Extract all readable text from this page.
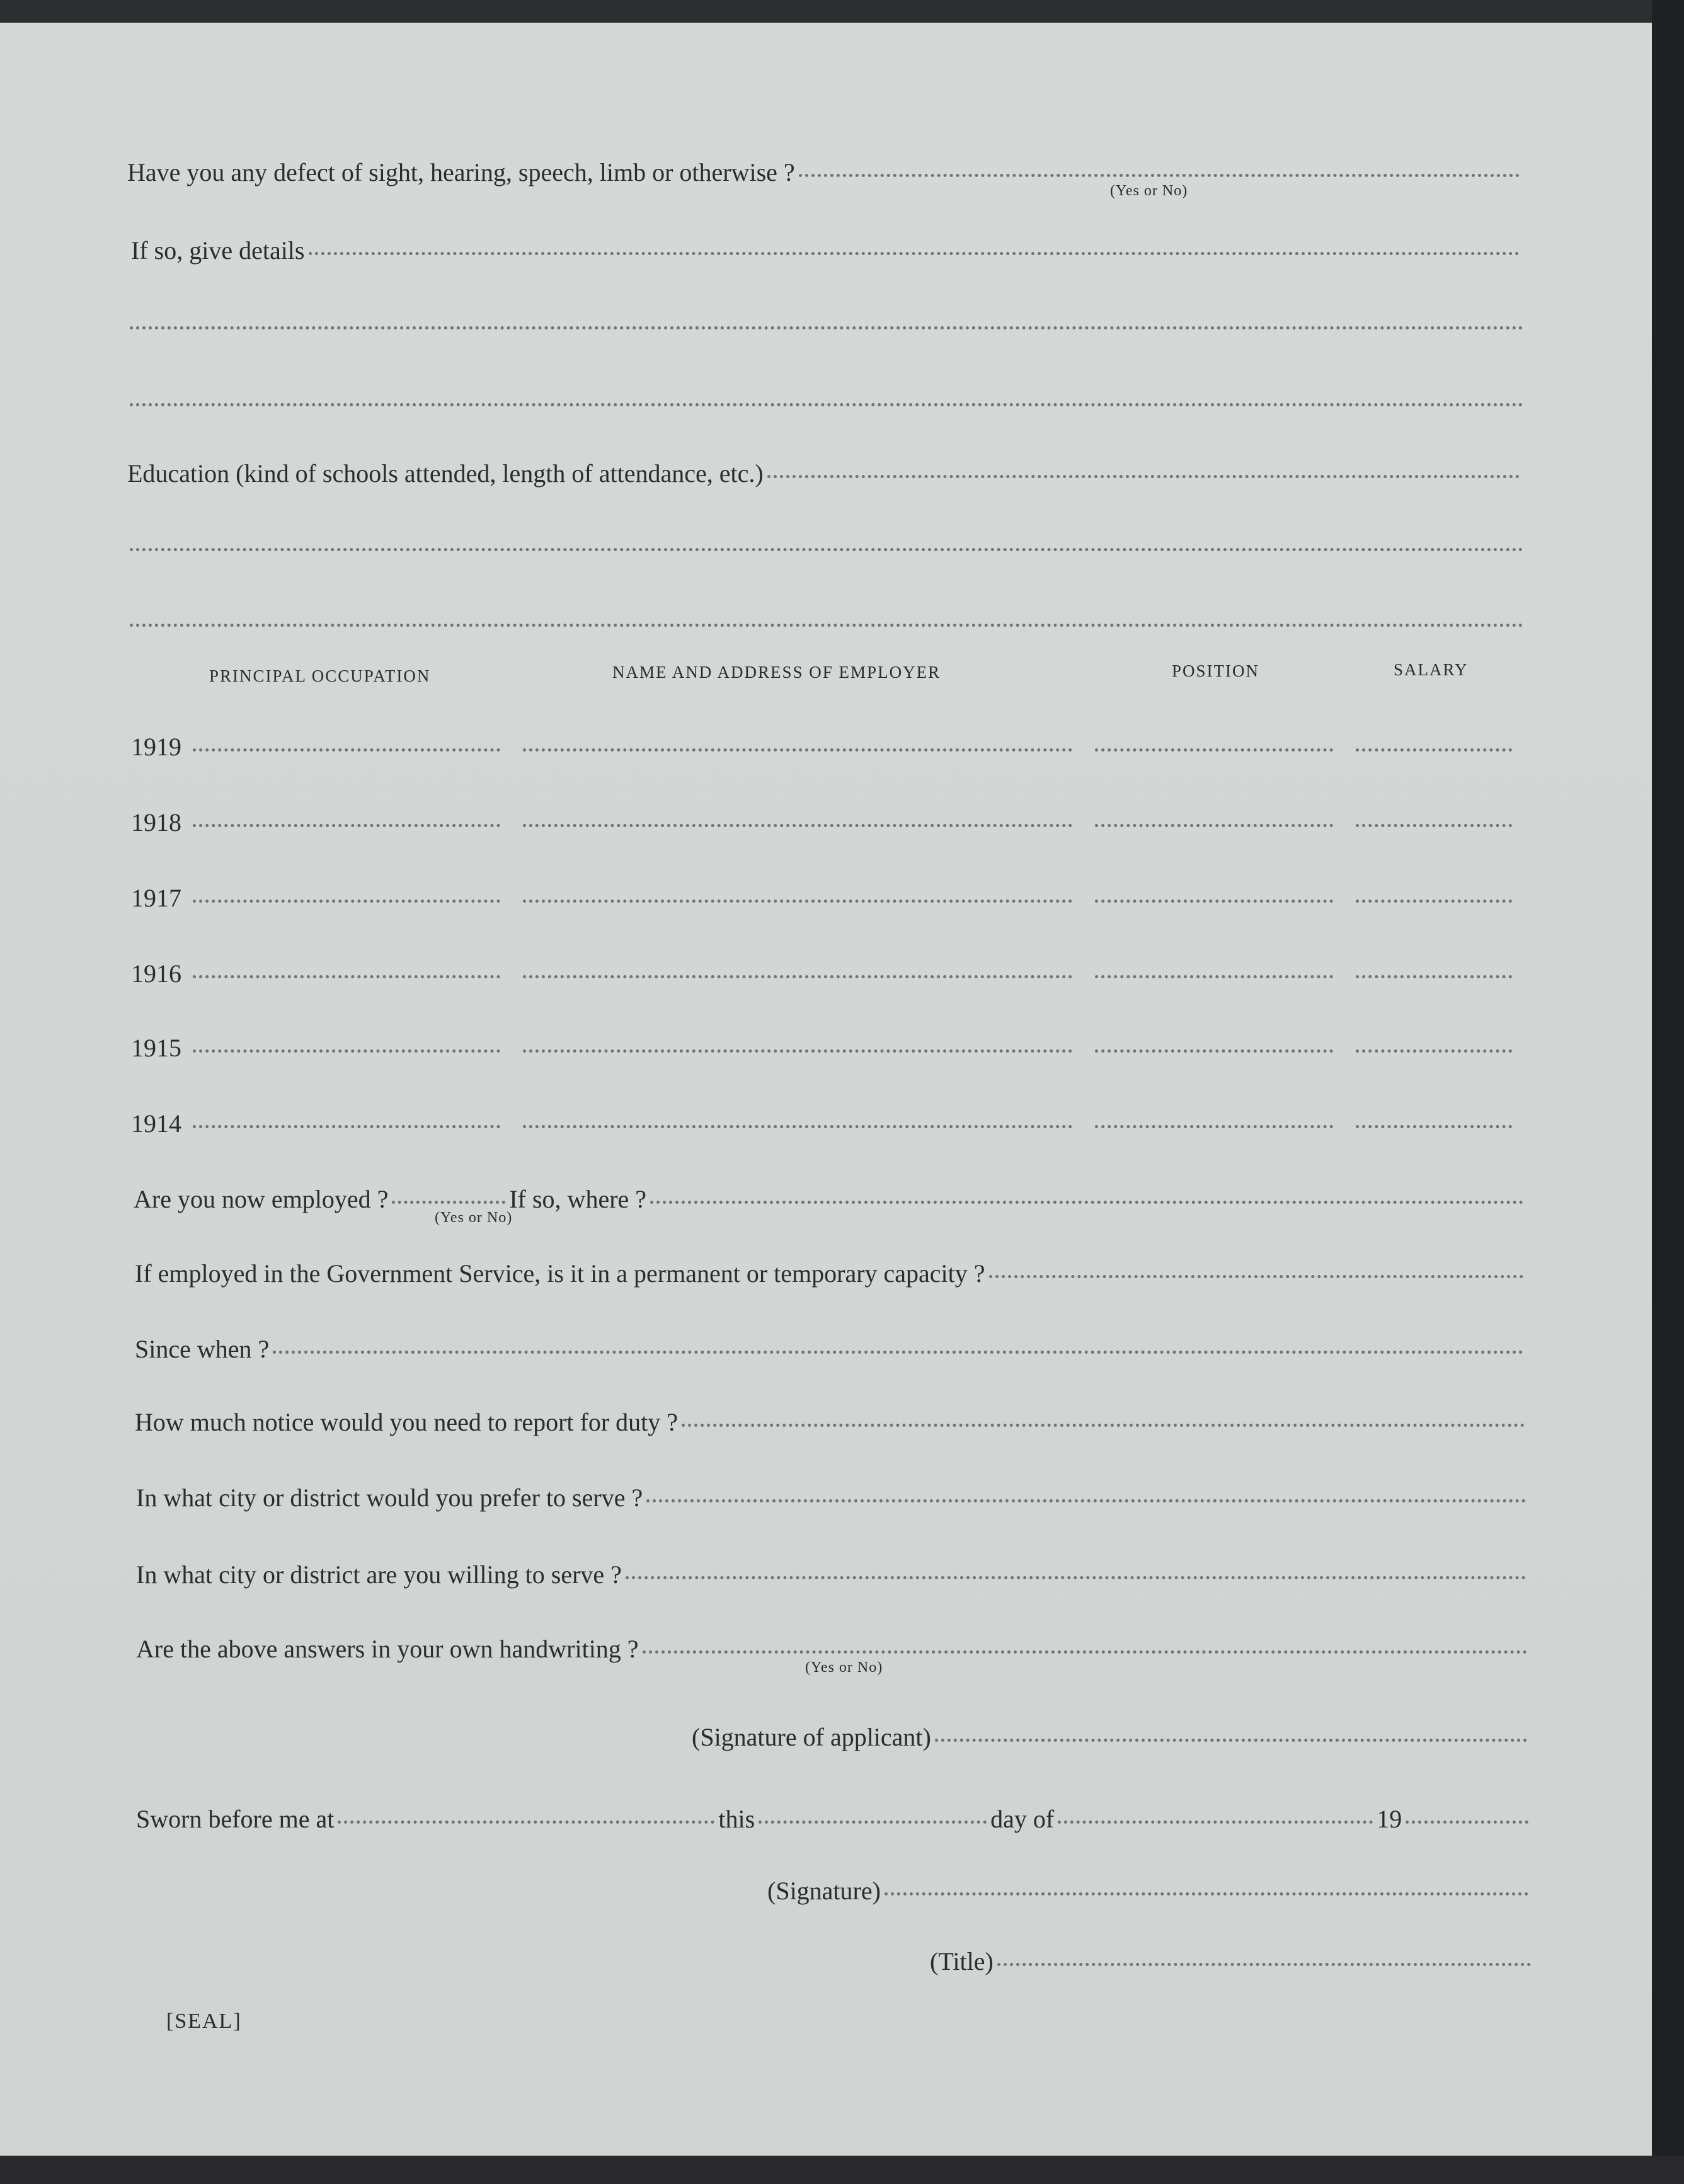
Have you any defect of sight, hearing, speech, limb or otherwise ?
(Yes or No)
If so, give details
Education (kind of schools attended, length of attendance, etc.)
PRINCIPAL OCCUPATION	NAME AND ADDRESS OF EMPLOYER	POSITION	SALARY
1919
1918
1917
1916
1915
1914
Are you now employed ?	If so, where ?
(Yes or No)
If employed in the Government Service, is it in a permanent or temporary capacity ?
Since when ?
How much notice would you need to report for duty ?
In what city or district would you prefer to serve ?
In what city or district are you willing to serve ?
Are the above answers in your own handwriting ?
(Yes or No)
(Signature of applicant)
Sworn before me at	this	day of	19
(Signature)
(Title)
[SEAL]
